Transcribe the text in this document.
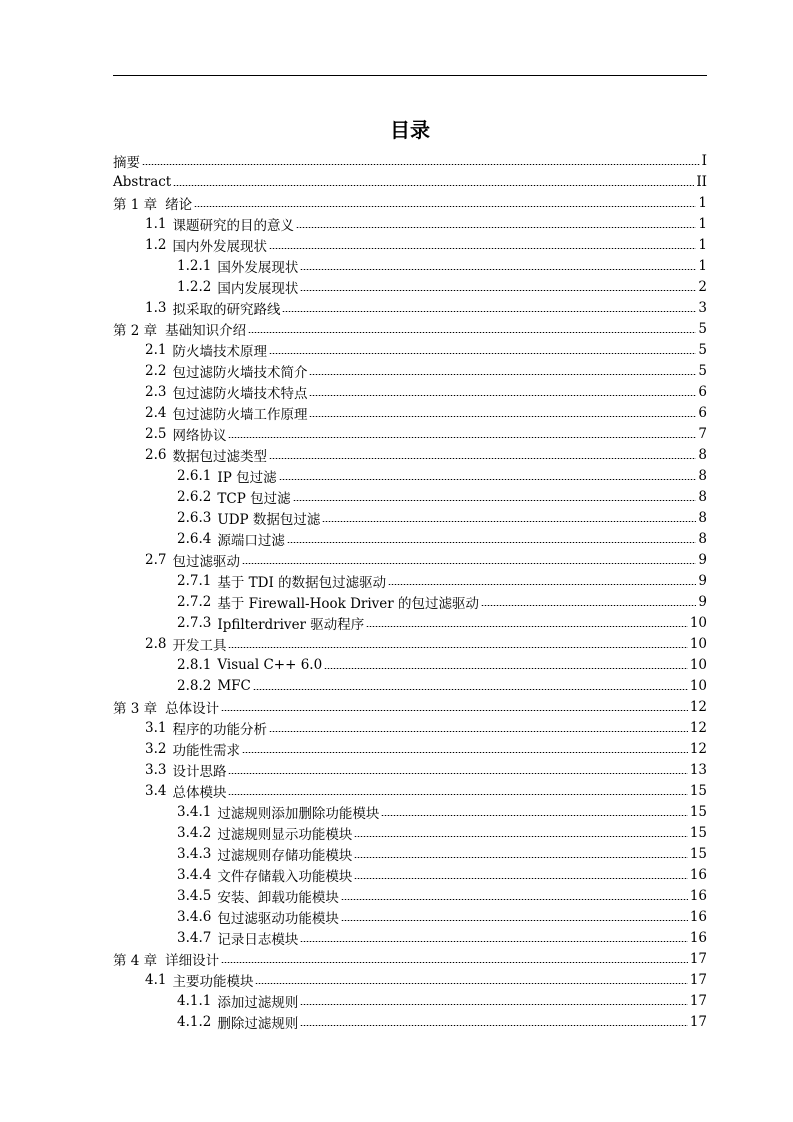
目录
摘要	I
Abstract	II
第 1 章 绪论	1
1.1 课题研究的目的意义	1
1.2 国内外发展现状	1
1.2.1 国外发展现状	1
1.2.2 国内发展现状	2
1.3 拟采取的研究路线	3
第 2 章 基础知识介绍	5
2.1 防火墙技术原理	5
2.2 包过滤防火墙技术简介	5
2.3 包过滤防火墙技术特点	6
2.4 包过滤防火墙工作原理	6
2.5 网络协议	7
2.6 数据包过滤类型	8
2.6.1 IP 包过滤	8
2.6.2 TCP 包过滤	8
2.6.3 UDP 数据包过滤	8
2.6.4 源端口过滤	8
2.7 包过滤驱动	9
2.7.1 基于 TDI 的数据包过滤驱动	9
2.7.2 基于 Firewall-Hook Driver 的包过滤驱动	9
2.7.3 Ipfilterdriver 驱动程序	10
2.8 开发工具	10
2.8.1 Visual C++ 6.0	10
2.8.2 MFC	10
第 3 章 总体设计	12
3.1 程序的功能分析	12
3.2 功能性需求	12
3.3 设计思路	13
3.4 总体模块	15
3.4.1 过滤规则添加删除功能模块	15
3.4.2 过滤规则显示功能模块	15
3.4.3 过滤规则存储功能模块	15
3.4.4 文件存储载入功能模块	16
3.4.5 安装、卸载功能模块	16
3.4.6 包过滤驱动功能模块	16
3.4.7 记录日志模块	16
第 4 章 详细设计	17
4.1 主要功能模块	17
4.1.1 添加过滤规则	17
4.1.2 删除过滤规则	17
